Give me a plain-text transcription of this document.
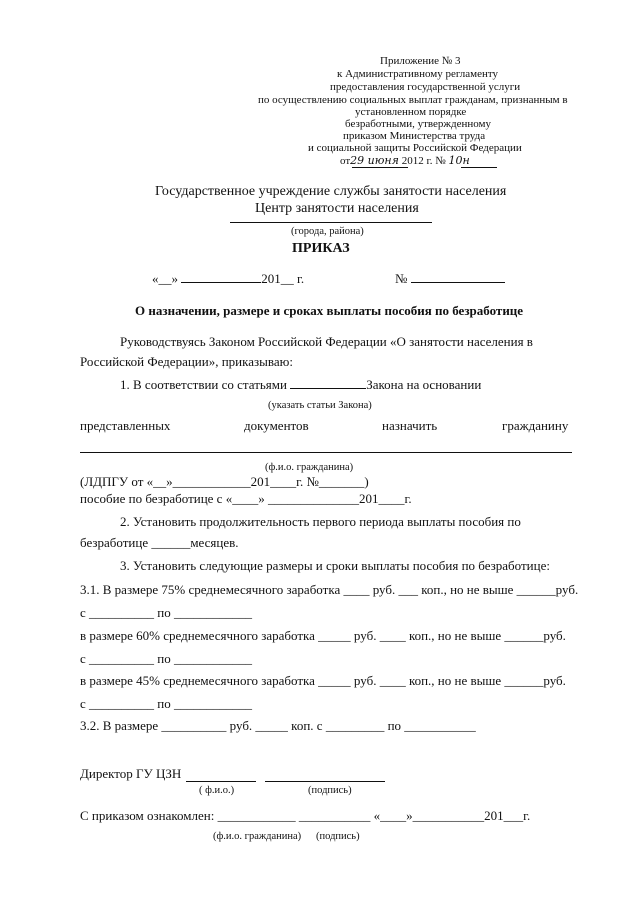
Приложение № 3
к Административному регламенту
предоставления государственной услуги
по осуществлению социальных выплат гражданам, признанным в
установленном порядке
безработными, утвержденному
приказом Министерства труда
и социальной защиты Российской Федерации
от29 июня 2012 г. № 10н
Государственное учреждение службы занятости населения
Центр занятости населения
(города, района)
ПРИКАЗ
«__»	201__ г.	№
О назначении, размере и сроках выплаты пособия по безработице
Руководствуясь Законом Российской Федерации «О занятости населения в
Российской Федерации», приказываю:
1. В соответствии со статьями	Закона на основании
(указать статьи Закона)
представленных	документов	назначить	гражданину
(ф.и.о. гражданина)
(ЛДПГУ от «__»____________201____г. №_______)
пособие по безработице с «____» ______________201____г.
2. Установить продолжительность первого периода выплаты пособия по
безработице ______месяцев.
3. Установить следующие размеры и сроки выплаты пособия по безработице:
3.1. В размере 75% среднемесячного заработка ____ руб. ___ коп., но не выше ______руб.
с __________ по ____________
в размере 60% среднемесячного заработка _____ руб. ____ коп., но не выше ______руб.
с __________ по ____________
в размере 45% среднемесячного заработка _____ руб. ____ коп., но не выше ______руб.
с __________ по ____________
3.2. В размере __________ руб. _____ коп. с _________ по ___________
Директор ГУ ЦЗН
( ф.и.о.)	(подпись)
С приказом ознакомлен: ____________ ___________ «____»___________201___г.
(ф.и.о. гражданина) (подпись)
